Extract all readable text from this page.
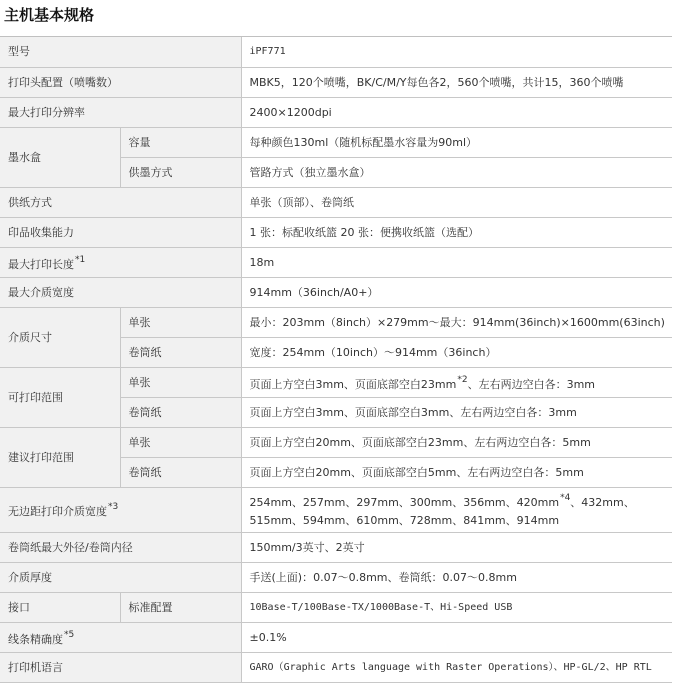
主机基本规格
型号		iPF771
打印头配置（喷嘴数）		MBK5，120个喷嘴，BK/C/M/Y每色各2，560个喷嘴，共计15，360个喷嘴
最大打印分辨率		2400×1200dpi
墨水盒	容量	每种颜色130ml（随机标配墨水容量为90ml）
	供墨方式	管路方式（独立墨水盒）
供纸方式		单张（顶部）、卷筒纸
印品收集能力		1 张：标配收纸篮 20 张：便携收纸篮（选配）
最大打印长度$^{*1}$		18m
最大介质宽度		914mm（36inch/A0+）
介质尺寸	单张	最小：203mm（8inch）×279mm～最大：914mm(36inch)×1600mm(63inch)
	卷筒纸	宽度：254mm（10inch）～914mm（36inch）
可打印范围	单张	页面上方空白3mm、页面底部空白23mm$^{*2}$、左右两边空白各：3mm
	卷筒纸	页面上方空白3mm、页面底部空白3mm、左右两边空白各：3mm
建议打印范围	单张	页面上方空白20mm、页面底部空白23mm、左右两边空白各：5mm
	卷筒纸	页面上方空白20mm、页面底部空白5mm、左右两边空白各：5mm
无边距打印介质宽度$^{*3}$		254mm、257mm、297mm、300mm、356mm、420mm$^{*4}$、432mm、
515mm、594mm、610mm、728mm、841mm、914mm

卷筒纸最大外径/卷筒内径		150mm/3英寸、2英寸
介质厚度		手送(上面)：0.07～0.8mm、卷筒纸：0.07～0.8mm
接口	标准配置	10Base-T/100Base-TX/1000Base-T、Hi-Speed USB
线条精确度$^{*5}$		±0.1%
打印机语言		GARO（Graphic Arts language with Raster Operations）、HP-GL/2、HP RTL
